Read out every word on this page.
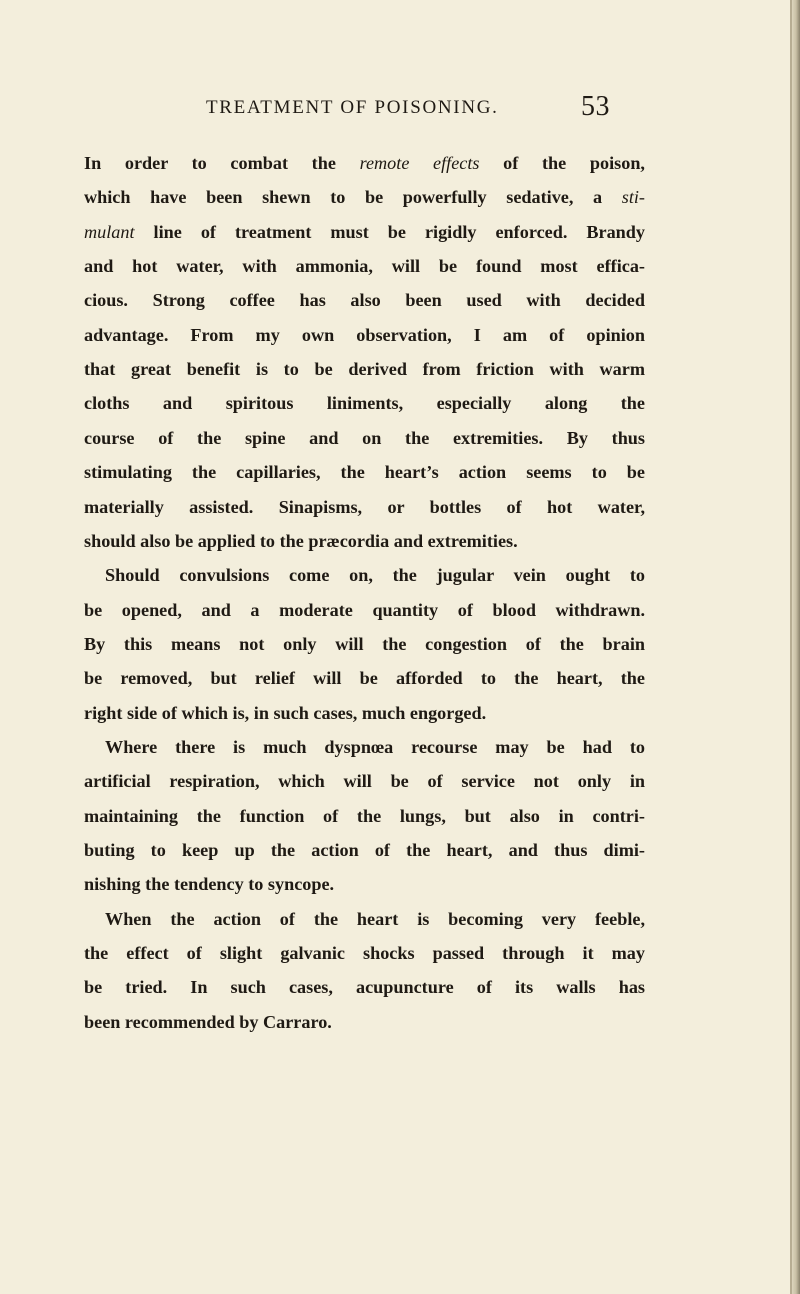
TREATMENT OF POISONING.	53
In order to combat the remote effects of the poison,
which have been shewn to be powerfully sedative, a sti-
mulant line of treatment must be rigidly enforced. Brandy
and hot water, with ammonia, will be found most effica-
cious. Strong coffee has also been used with decided
advantage. From my own observation, I am of opinion
that great benefit is to be derived from friction with warm
cloths and spiritous liniments, especially along the
course of the spine and on the extremities. By thus
stimulating the capillaries, the heart’s action seems to be
materially assisted. Sinapisms, or bottles of hot water,
should also be applied to the præcordia and extremities.
Should convulsions come on, the jugular vein ought to
be opened, and a moderate quantity of blood withdrawn.
By this means not only will the congestion of the brain
be removed, but relief will be afforded to the heart, the
right side of which is, in such cases, much engorged.
Where there is much dyspnœa recourse may be had to
artificial respiration, which will be of service not only in
maintaining the function of the lungs, but also in contri-
buting to keep up the action of the heart, and thus dimi-
nishing the tendency to syncope.
When the action of the heart is becoming very feeble,
the effect of slight galvanic shocks passed through it may
be tried. In such cases, acupuncture of its walls has
been recommended by Carraro.
